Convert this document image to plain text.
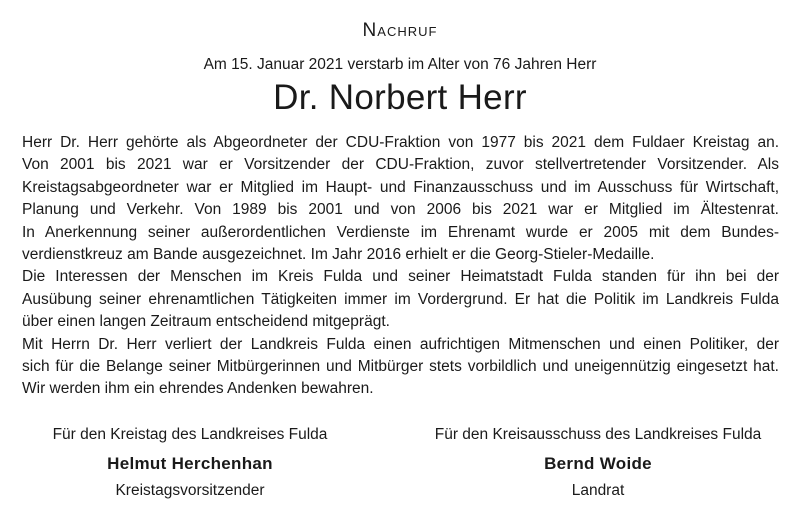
Nachruf
Am 15. Januar 2021 verstarb im Alter von 76 Jahren Herr
Dr. Norbert Herr

Herr Dr. Herr gehörte als Abgeordneter der CDU-Fraktion von 1977 bis 2021 dem Fuldaer Kreistag an.
Von 2001 bis 2021 war er Vorsitzender der CDU-Fraktion, zuvor stellvertretender Vorsitzender. Als
Kreistagsabgeordneter war er Mitglied im Haupt- und Finanzausschuss und im Ausschuss für Wirtschaft,
Planung und Verkehr. Von 1989 bis 2001 und von 2006 bis 2021 war er Mitglied im Ältestenrat.
In Anerkennung seiner außerordentlichen Verdienste im Ehrenamt wurde er 2005 mit dem Bundes-
verdienstkreuz am Bande ausgezeichnet. Im Jahr 2016 erhielt er die Georg-Stieler-Medaille.

Die Interessen der Menschen im Kreis Fulda und seiner Heimatstadt Fulda standen für ihn bei der
Ausübung seiner ehrenamtlichen Tätigkeiten immer im Vordergrund. Er hat die Politik im Landkreis Fulda
über einen langen Zeitraum entscheidend mitgeprägt.

Mit Herrn Dr. Herr verliert der Landkreis Fulda einen aufrichtigen Mitmenschen und einen Politiker, der
sich für die Belange seiner Mitbürgerinnen und Mitbürger stets vorbildlich und uneigennützig eingesetzt hat.
Wir werden ihm ein ehrendes Andenken bewahren.

Für den Kreistag des Landkreises Fulda
Helmut Herchenhan
Kreistagsvorsitzender
Für den Kreisausschuss des Landkreises Fulda
Bernd Woide
Landrat
